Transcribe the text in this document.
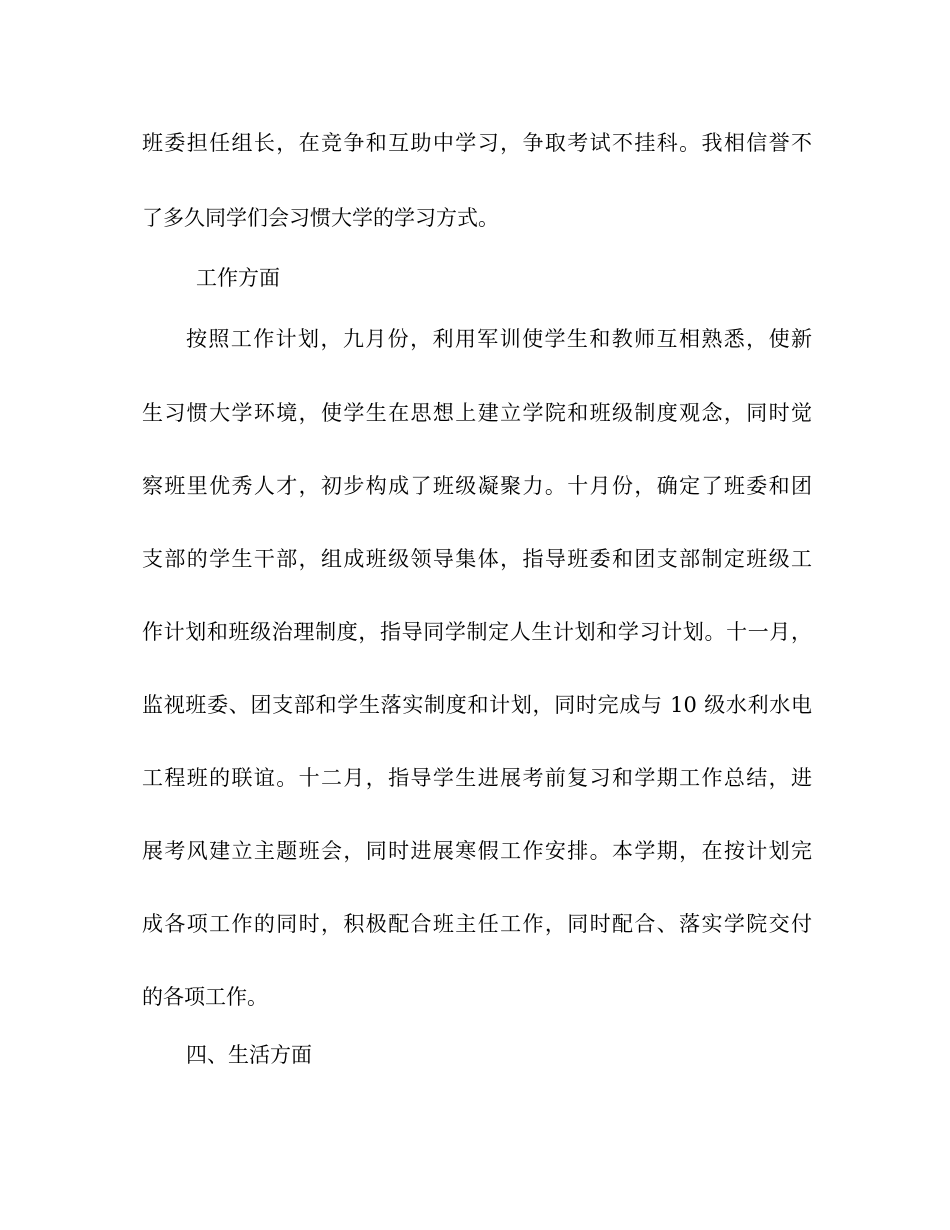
班委担任组长，在竞争和互助中学习，争取考试不挂科。我相信誉不
了多久同学们会习惯大学的学习方式。
工作方面
按照工作计划，九月份，利用军训使学生和教师互相熟悉，使新
生习惯大学环境，使学生在思想上建立学院和班级制度观念，同时觉
察班里优秀人才，初步构成了班级凝聚力。十月份，确定了班委和团
支部的学生干部，组成班级领导集体，指导班委和团支部制定班级工
作计划和班级治理制度，指导同学制定人生计划和学习计划。十一月，
监视班委、团支部和学生落实制度和计划，同时完成与 10 级水利水电
工程班的联谊。十二月，指导学生进展考前复习和学期工作总结，进
展考风建立主题班会，同时进展寒假工作安排。本学期，在按计划完
成各项工作的同时，积极配合班主任工作，同时配合、落实学院交付
的各项工作。
四、生活方面
